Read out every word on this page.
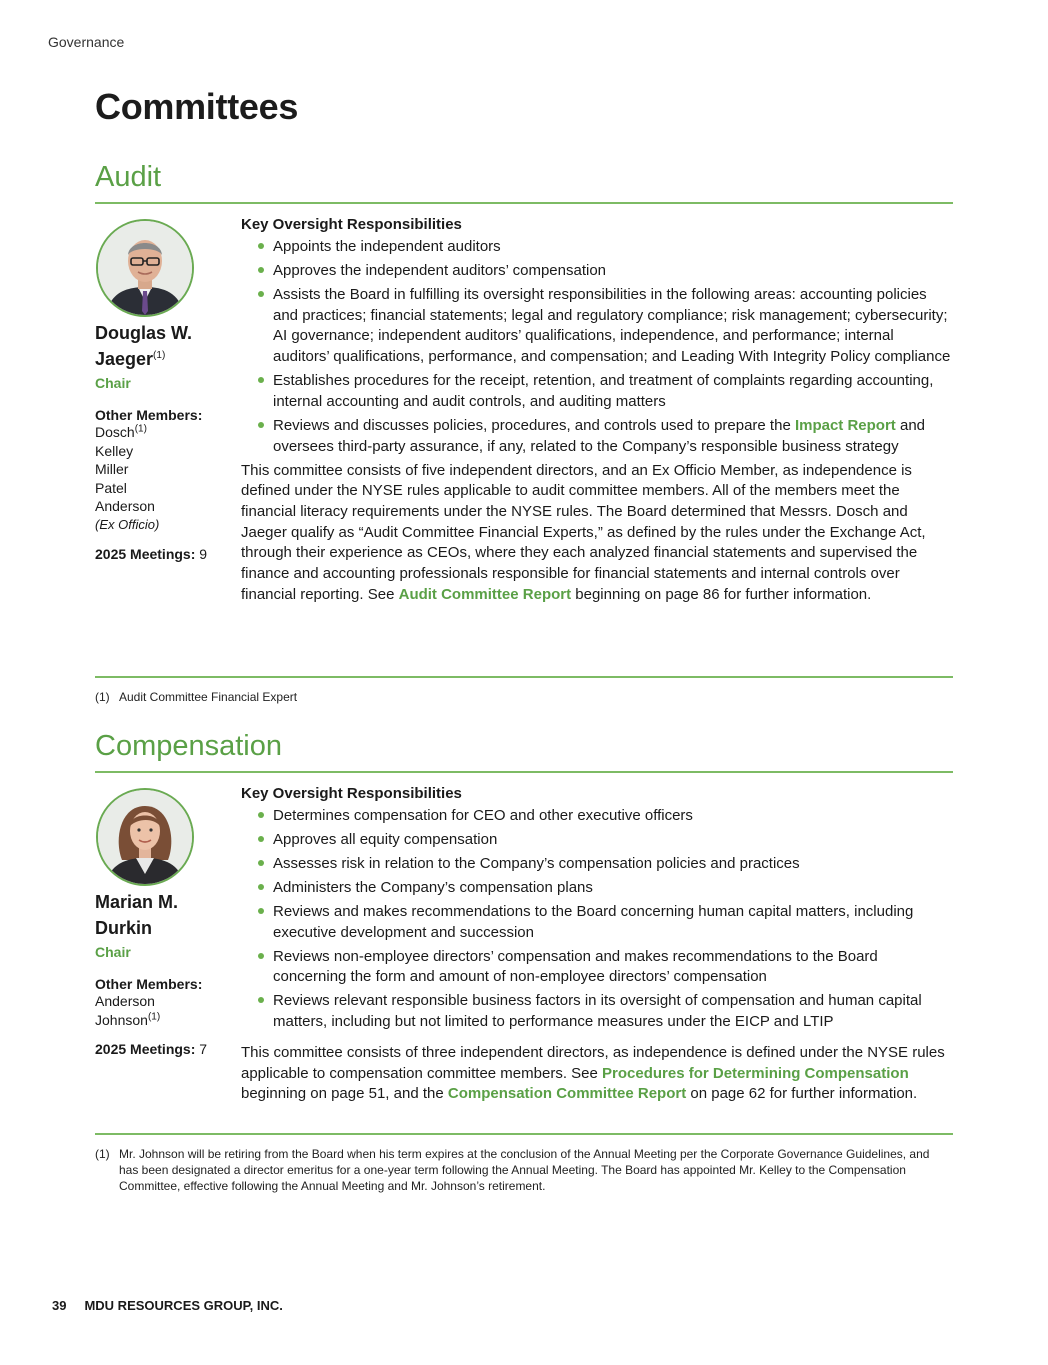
Governance
Committees
Audit
Douglas W.
Jaeger$^{(1)}$
Chair
Other Members:
Dosch$^{(1)}$
Kelley
Miller
Patel
Anderson
(Ex Officio)
2025 Meetings: 9
Key Oversight Responsibilities
Appoints the independent auditors
Approves the independent auditors’ compensation
Assists the Board in fulfilling its oversight responsibilities in the following areas: accounting policies and practices; financial statements; legal and regulatory compliance; risk management; cybersecurity; AI governance; independent auditors’ qualifications, independence, and performance; internal auditors’ qualifications, performance, and compensation; and Leading With Integrity Policy compliance
Establishes procedures for the receipt, retention, and treatment of complaints regarding accounting, internal accounting and audit controls, and auditing matters
Reviews and discusses policies, procedures, and controls used to prepare the Impact Report and oversees third-party assurance, if any, related to the Company’s responsible business strategy
This committee consists of five independent directors, and an Ex Officio Member, as independence is defined under the NYSE rules applicable to audit committee members. All of the members meet the financial literacy requirements under the NYSE rules. The Board determined that Messrs. Dosch and Jaeger qualify as “Audit Committee Financial Experts,” as defined by the rules under the Exchange Act, through their experience as CEOs, where they each analyzed financial statements and supervised the finance and accounting professionals responsible for financial statements and internal controls over financial reporting. See Audit Committee Report beginning on page 86 for further information.
(1) Audit Committee Financial Expert
Compensation
Marian M.
Durkin
Chair
Other Members:
Anderson
Johnson$^{(1)}$
2025 Meetings: 7
Key Oversight Responsibilities
Determines compensation for CEO and other executive officers
Approves all equity compensation
Assesses risk in relation to the Company’s compensation policies and practices
Administers the Company’s compensation plans
Reviews and makes recommendations to the Board concerning human capital matters, including executive development and succession
Reviews non-employee directors’ compensation and makes recommendations to the Board concerning the form and amount of non-employee directors’ compensation
Reviews relevant responsible business factors in its oversight of compensation and human capital matters, including but not limited to performance measures under the EICP and LTIP
This committee consists of three independent directors, as independence is defined under the NYSE rules applicable to compensation committee members. See Procedures for Determining Compensation beginning on page 51, and the Compensation Committee Report on page 62 for further information.
(1) Mr. Johnson will be retiring from the Board when his term expires at the conclusion of the Annual Meeting per the Corporate Governance Guidelines, and has been designated a director emeritus for a one-year term following the Annual Meeting. The Board has appointed Mr. Kelley to the Compensation Committee, effective following the Annual Meeting and Mr. Johnson’s retirement.
39 MDU RESOURCES GROUP, INC.
